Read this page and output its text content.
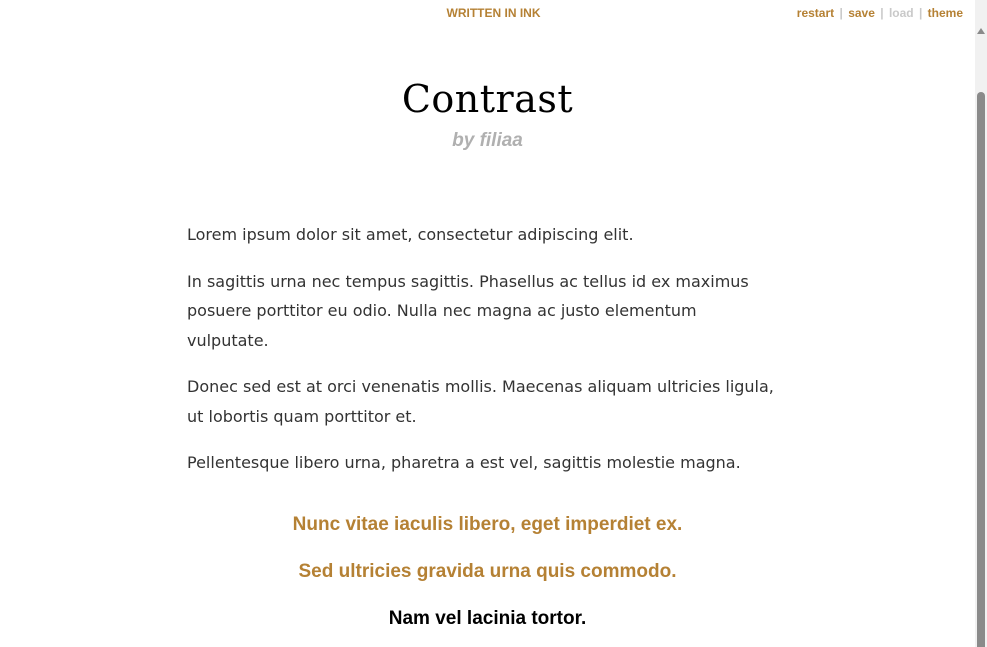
WRITTEN IN INK	restart | save | load | theme
Contrast
by filiaa

Lorem ipsum dolor sit amet, consectetur adipiscing elit.

In sagittis urna nec tempus sagittis. Phasellus ac tellus id ex maximus posuere porttitor eu odio. Nulla nec magna ac justo elementum vulputate.

Donec sed est at orci venenatis mollis. Maecenas aliquam ultricies ligula, ut lobortis quam porttitor et.

Pellentesque libero urna, pharetra a est vel, sagittis molestie magna.

Nunc vitae iaculis libero, eget imperdiet ex.
Sed ultricies gravida urna quis commodo.
Nam vel lacinia tortor.
